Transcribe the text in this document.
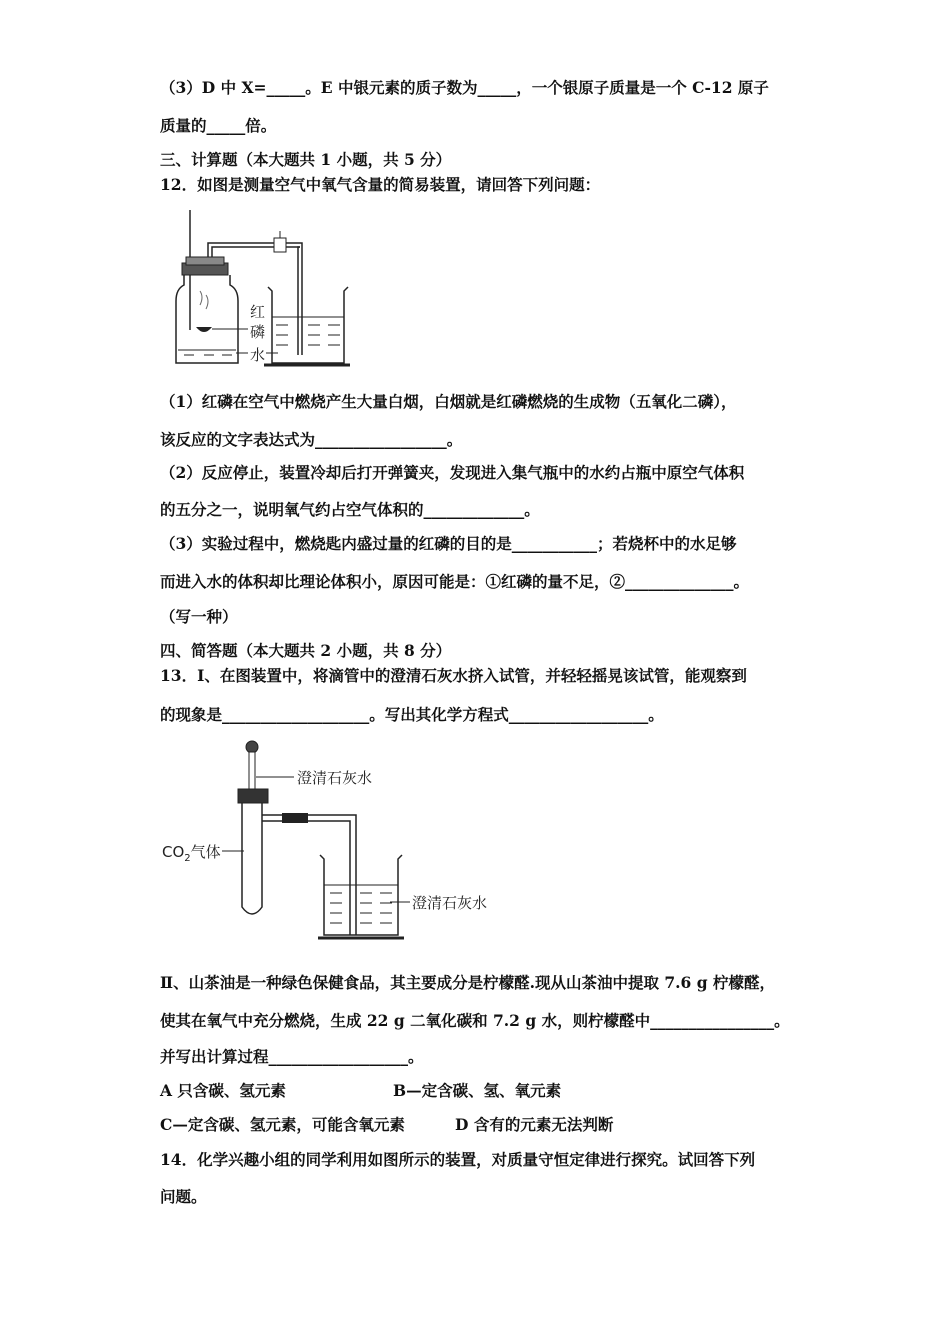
（3）D 中 X=_____。E 中银元素的质子数为_____，一个银原子质量是一个 C-12 原子
质量的_____倍。
三、计算题（本大题共 1 小题，共 5 分）
12．如图是测量空气中氧气含量的简易装置，请回答下列问题：
红
磷
水
（1）红磷在空气中燃烧产生大量白烟，白烟就是红磷燃烧的生成物（五氧化二磷），
该反应的文字表达式为_________________。
（2）反应停止，装置冷却后打开弹簧夹，发现进入集气瓶中的水约占瓶中原空气体积
的五分之一，说明氧气约占空气体积的_____________。
（3）实验过程中，燃烧匙内盛过量的红磷的目的是___________；若烧杯中的水足够
而进入水的体积却比理论体积小，原因可能是：①红磷的量不足，②______________。
（写一种）
四、简答题（本大题共 2 小题，共 8 分）
13．Ⅰ、在图装置中，将滴管中的澄清石灰水挤入试管，并轻轻摇晃该试管，能观察到
的现象是___________________。写出其化学方程式__________________。
澄清石灰水
$CO_2$气体
澄清石灰水
Ⅱ、山茶油是一种绿色保健食品，其主要成分是柠檬醛.现从山茶油中提取 7.6 g 柠檬醛，
使其在氧气中充分燃烧，生成 22 g 二氧化碳和 7.2 g 水，则柠檬醛中________________。
并写出计算过程__________________。
A 只含碳、氢元素	B—定含碳、氢、氧元素
C—定含碳、氢元素，可能含氧元素	D 含有的元素无法判断
14．化学兴趣小组的同学利用如图所示的装置，对质量守恒定律进行探究。试回答下列
问题。
